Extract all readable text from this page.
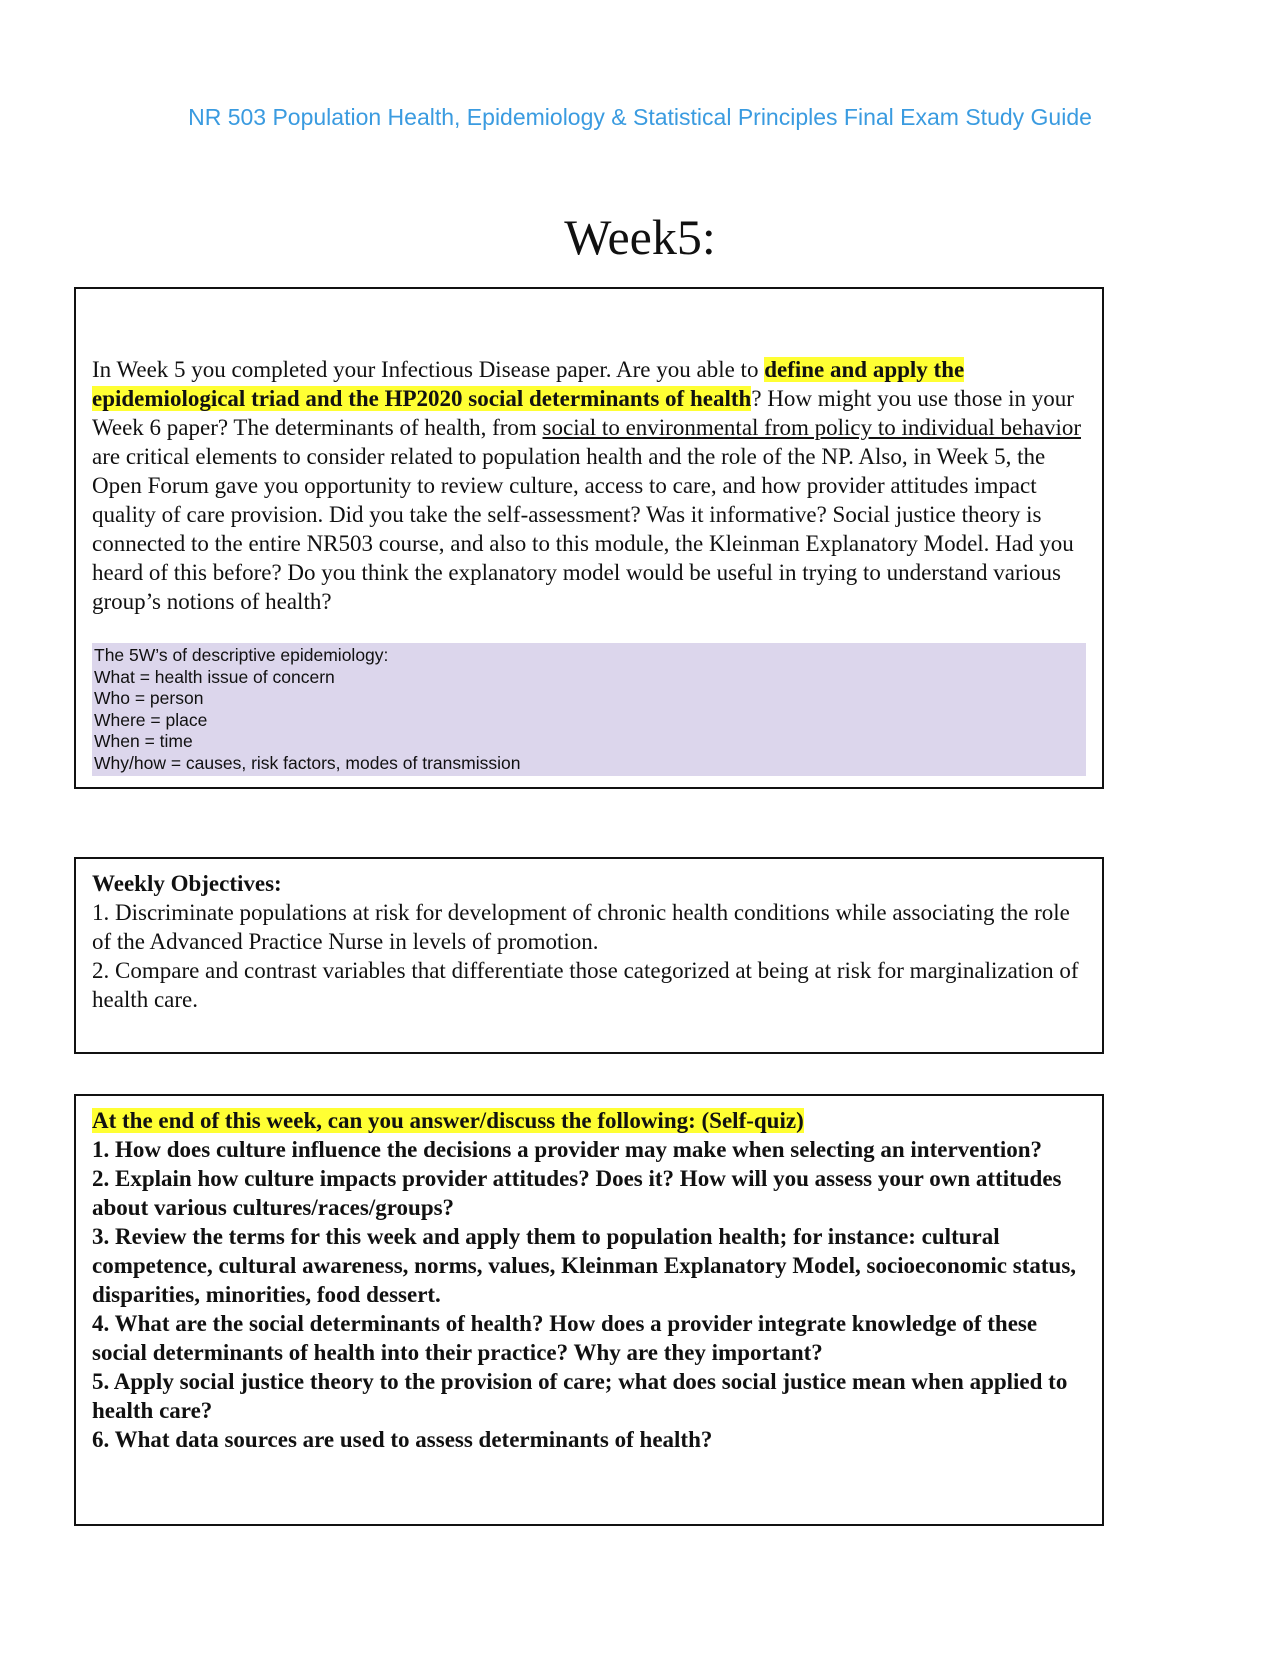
NR 503 Population Health, Epidemiology & Statistical Principles Final Exam Study Guide
Week5:

In Week 5 you completed your Infectious Disease paper. Are you able to define and apply the epidemiological triad and the HP2020 social determinants of health? How might you use those in your Week 6 paper? The determinants of health, from social to environmental from policy to individual behavior are critical elements to consider related to population health and the role of the NP. Also, in Week 5, the Open Forum gave you opportunity to review culture, access to care, and how provider attitudes impact quality of care provision. Did you take the self-assessment? Was it informative? Social justice theory is connected to the entire NR503 course, and also to this module, the Kleinman Explanatory Model. Had you heard of this before? Do you think the explanatory model would be useful in trying to understand various group’s notions of health?

The 5W’s of descriptive epidemiology:
What = health issue of concern
Who = person
Where = place
When = time
Why/how = causes, risk factors, modes of transmission

Weekly Objectives:

1. Discriminate populations at risk for development of chronic health conditions while associating the role of the Advanced Practice Nurse in levels of promotion.

2. Compare and contrast variables that differentiate those categorized at being at risk for marginalization of health care.

At the end of this week, can you answer/discuss the following: (Self-quiz)

1. How does culture influence the decisions a provider may make when selecting an intervention?

2. Explain how culture impacts provider attitudes? Does it? How will you assess your own attitudes about various cultures/races/groups?

3. Review the terms for this week and apply them to population health; for instance: cultural competence, cultural awareness, norms, values, Kleinman Explanatory Model, socioeconomic status, disparities, minorities, food dessert.

4. What are the social determinants of health? How does a provider integrate knowledge of these social determinants of health into their practice? Why are they important?

5. Apply social justice theory to the provision of care; what does social justice mean when applied to health care?

6. What data sources are used to assess determinants of health?
